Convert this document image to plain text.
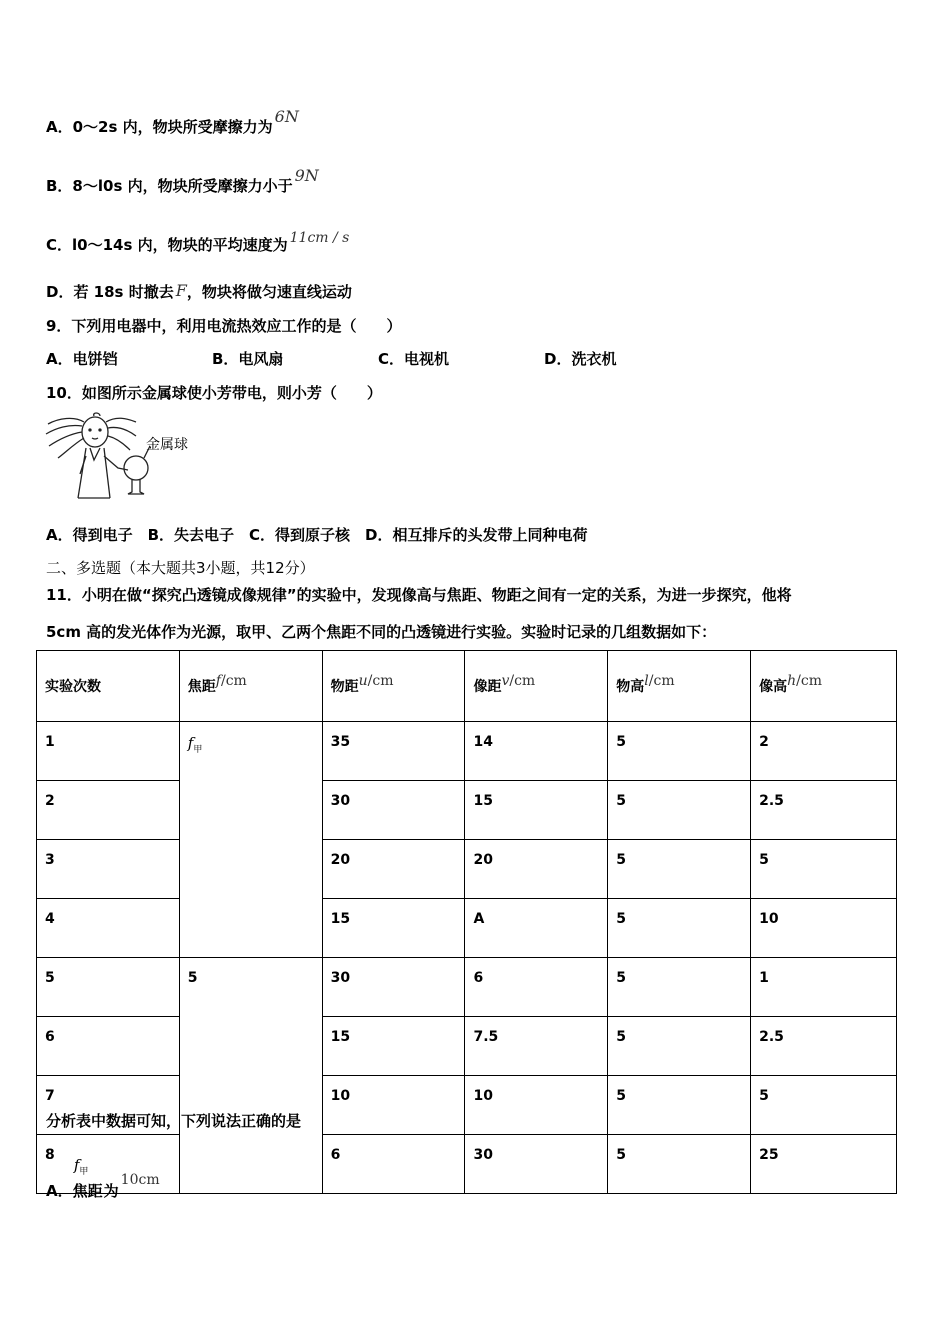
A．0～2s 内，物块所受摩擦力为6N
B．8～l0s 内，物块所受摩擦力小于9N
C．l0～14s 内，物块的平均速度为 11cm / s
D．若 18s 时撤去 F，物块将做匀速直线运动
9．下列用电器中，利用电流热效应工作的是（　　）
A．电饼铛	B．电风扇	C．电视机	D．洗衣机
10．如图所示金属球使小芳带电，则小芳（　　）
金属球
A．得到电子　B．失去电子　C．得到原子核　D．相互排斥的头发带上同种电荷
二、多选题（本大题共3小题，共12分）
11．小明在做“探究凸透镜成像规律”的实验中，发现像高与焦距、物距之间有一定的关系，为进一步探究，他将
5cm 高的发光体作为光源，取甲、乙两个焦距不同的凸透镜进行实验。实验时记录的几组数据如下：
实验次数	焦距f/cm	物距u/cm	像距v/cm	物高l/cm	像高h/cm
1	$f_甲$	35	14	5	2
2		30	15	5	2.5
3		20	20	5	5
4		15	A	5	10
5	5	30	6	5	1
6		15	7.5	5	2.5
7		10	10	5	5
8		6	30	5	25
分析表中数据可知，下列说法正确的是
A．焦距 $f_甲$ 为10cm
